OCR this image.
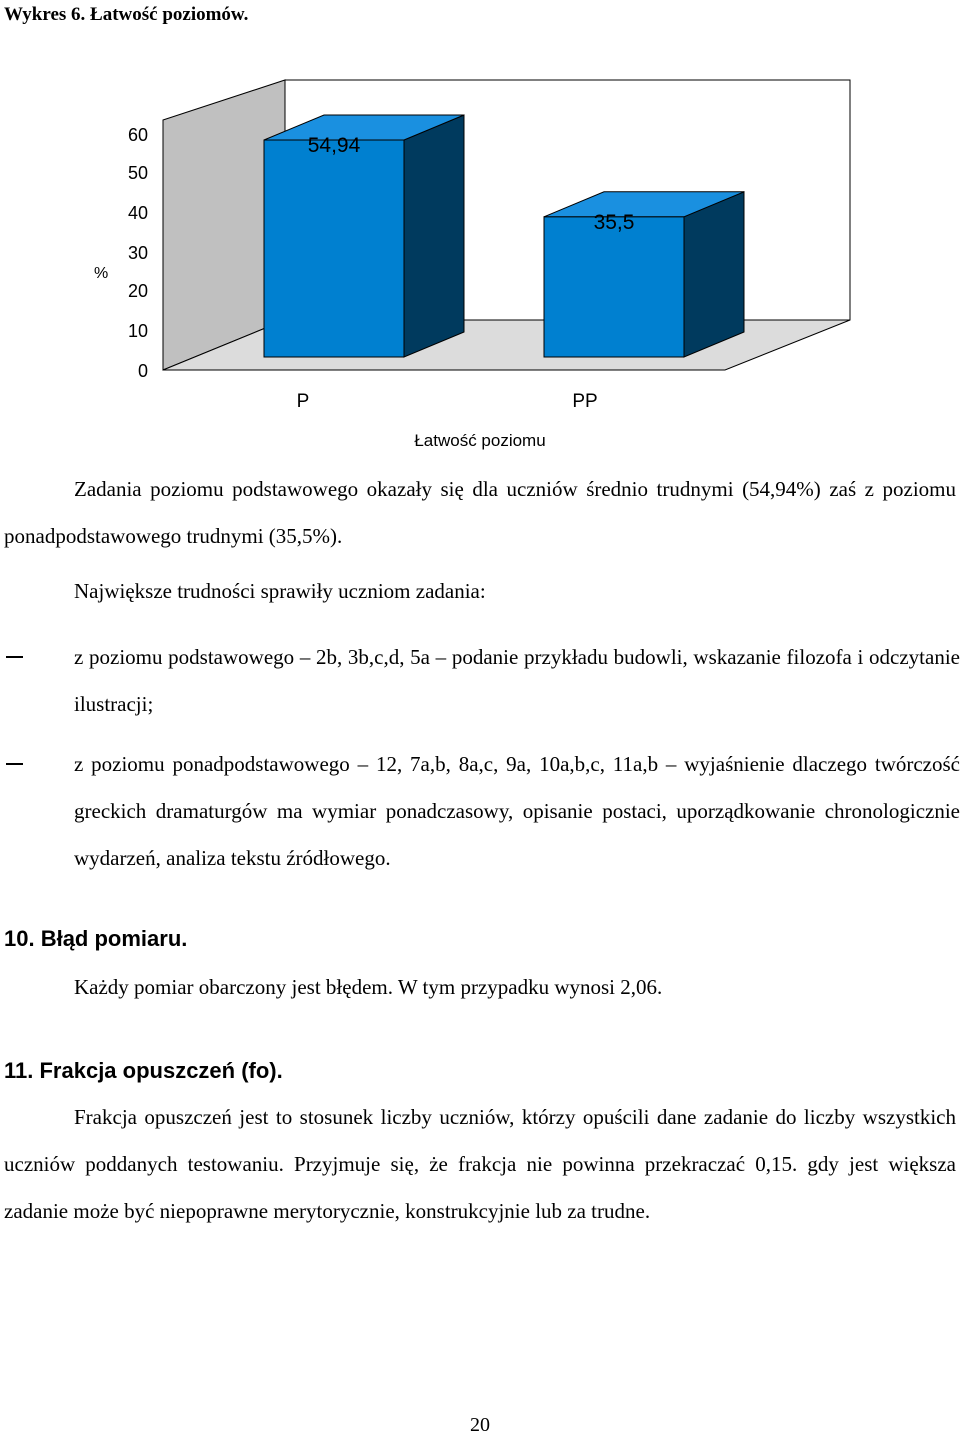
Wykres 6. Łatwość poziomów.
0
10
20
30
40
50
60
%
54,94
35,5
P	PP
Łatwość poziomu
Zadania poziomu podstawowego okazały się dla uczniów średnio trudnymi (54,94%) zaś z poziomu ponadpodstawowego trudnymi (35,5%).
Największe trudności sprawiły uczniom zadania:
z poziomu podstawowego – 2b, 3b,c,d, 5a – podanie przykładu budowli, wskazanie filozofa i odczytanie ilustracji;
z poziomu ponadpodstawowego – 12, 7a,b, 8a,c, 9a, 10a,b,c, 11a,b – wyjaśnienie dlaczego twórczość greckich dramaturgów ma wymiar ponadczasowy, opisanie postaci, uporządkowanie chronologicznie wydarzeń, analiza tekstu źródłowego.
10. Błąd pomiaru.
Każdy pomiar obarczony jest błędem. W tym przypadku wynosi 2,06.
11. Frakcja opuszczeń (fo).
Frakcja opuszczeń jest to stosunek liczby uczniów, którzy opuścili dane zadanie do liczby wszystkich uczniów poddanych testowaniu. Przyjmuje się, że frakcja nie powinna przekraczać 0,15. gdy jest większa zadanie może być niepoprawne merytorycznie, konstrukcyjnie lub za trudne.
20
